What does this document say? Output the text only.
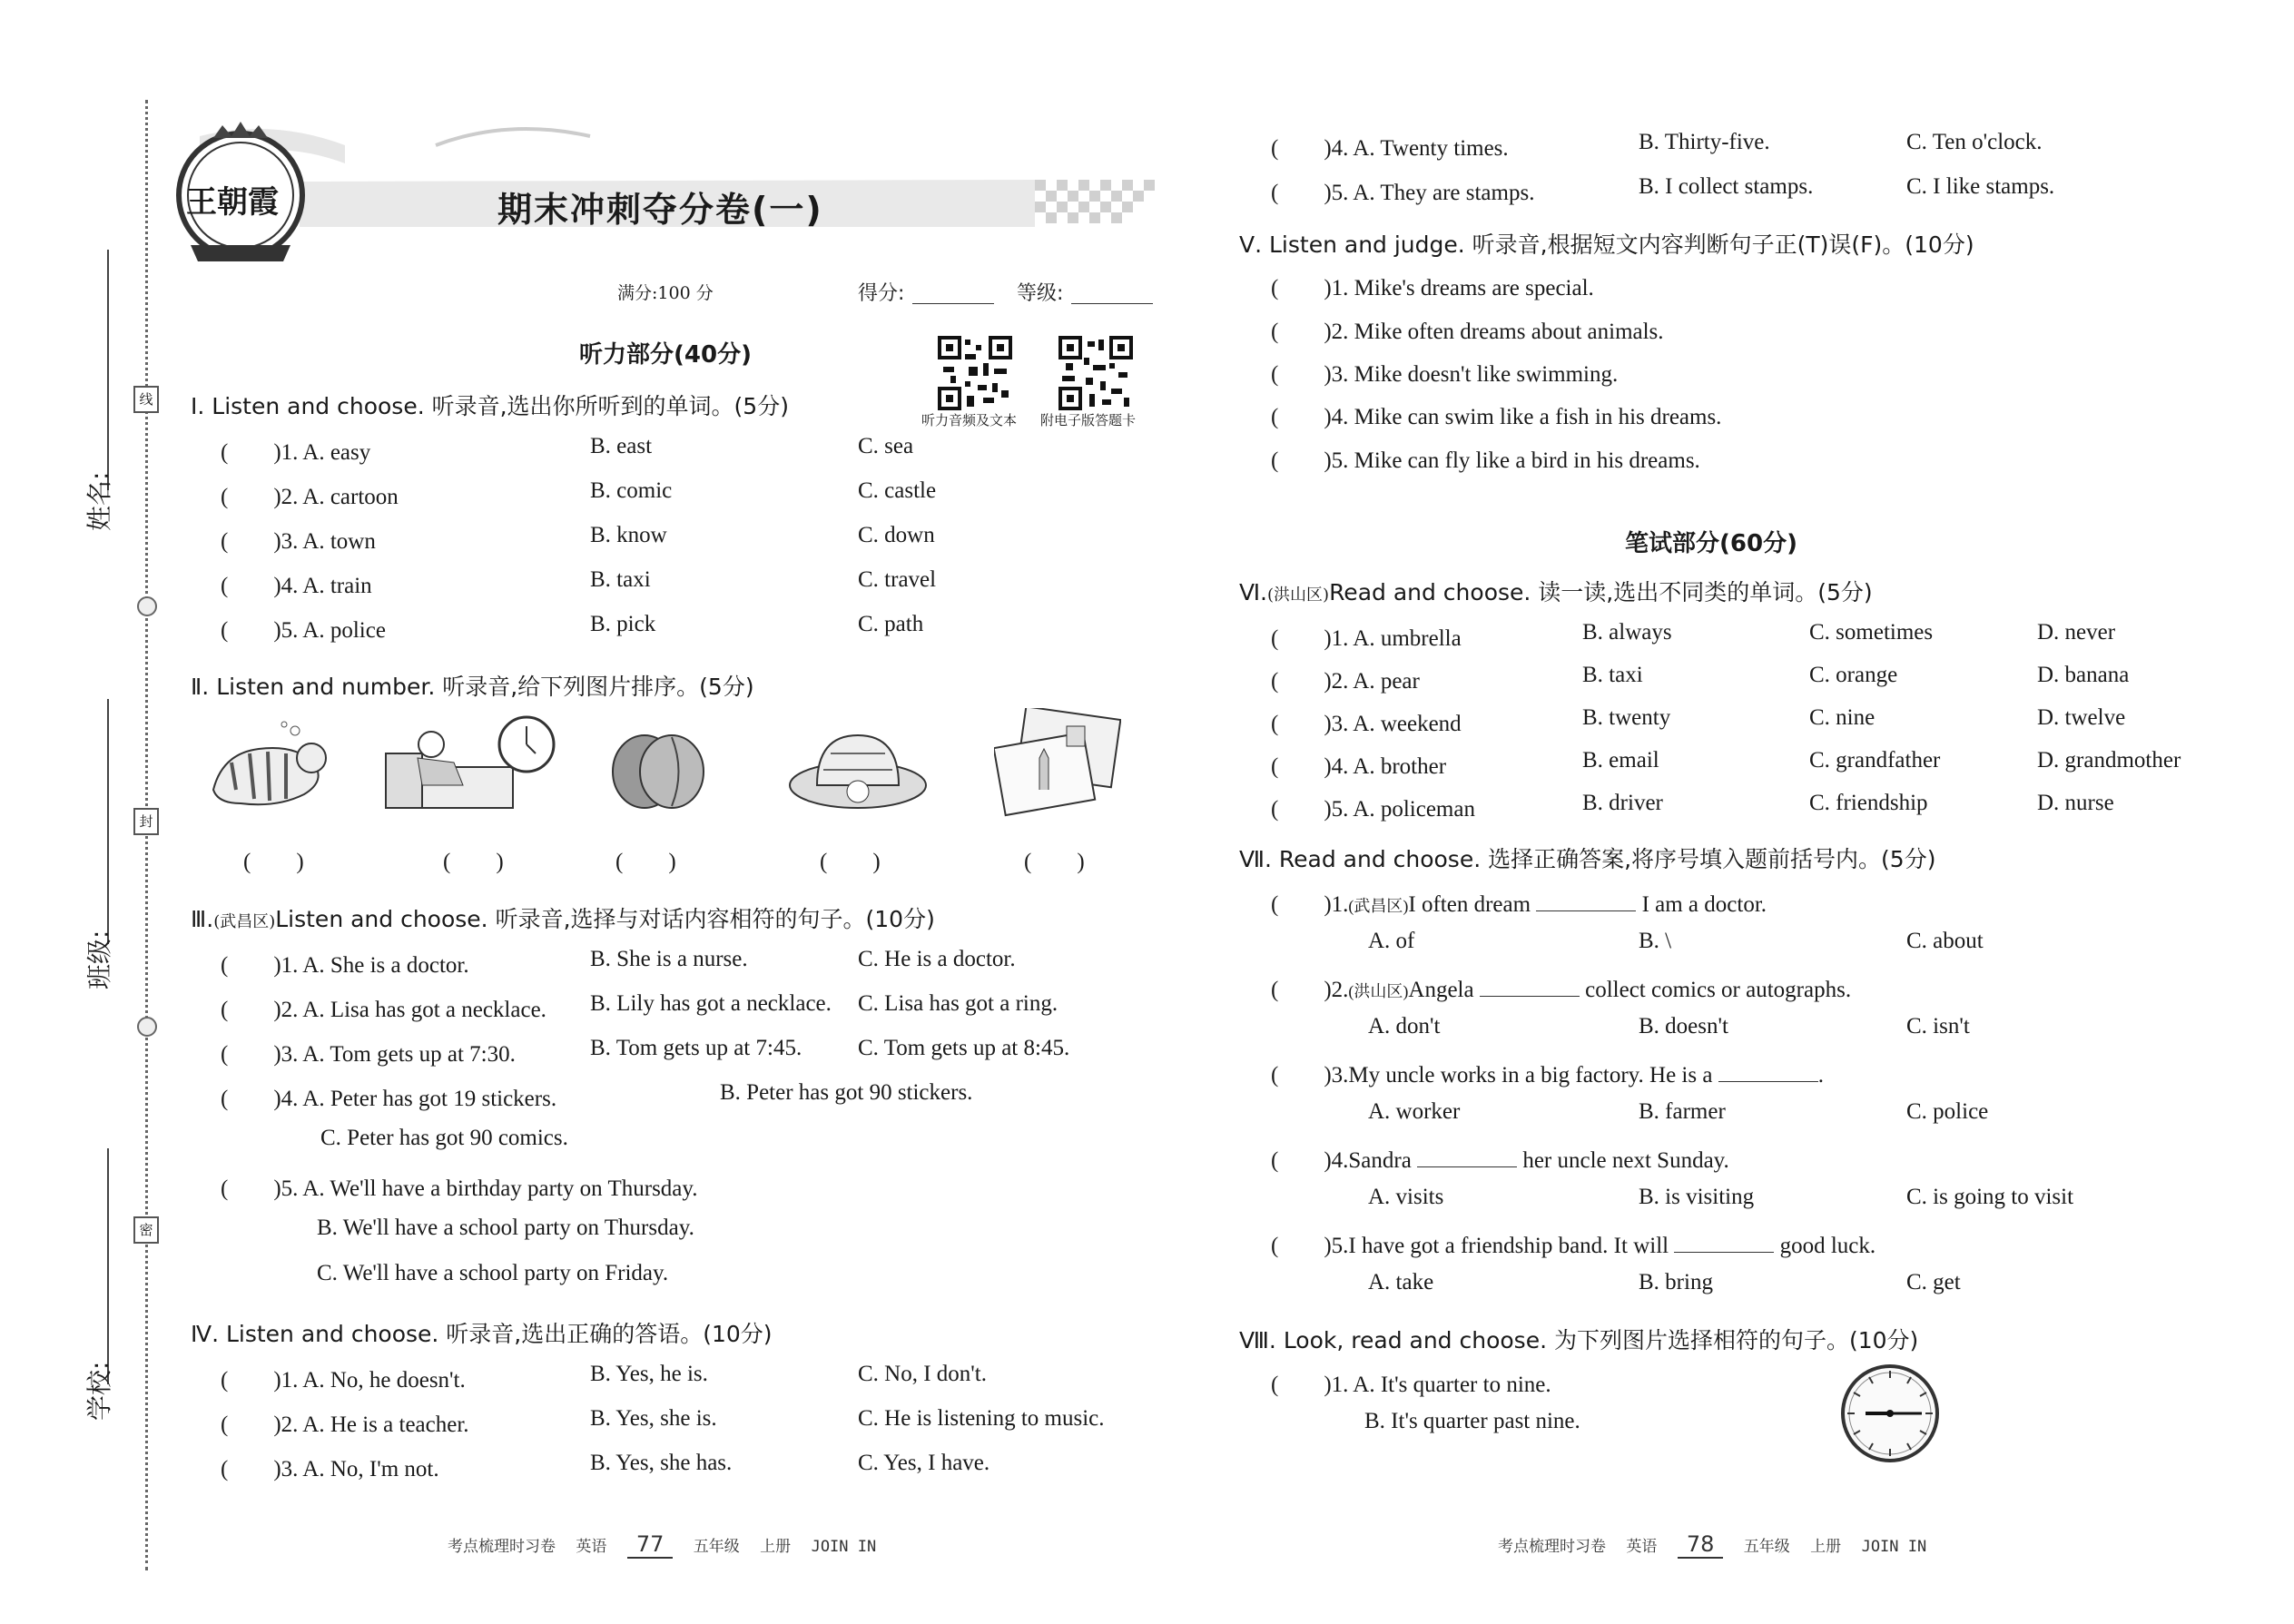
姓名:
班级:
学校:
线
封
密
王朝霞	期末冲刺夺分卷(一)
满分:100 分	得分:	等级:
听力音频及文本 附电子版答题卡
听力部分(40分)
Ⅰ. Listen and choose. 听录音,选出你所听到的单词。(5分)
(　　)1. A. easy	B. east	C. sea
(　　)2. A. cartoon	B. comic	C. castle
(　　)3. A. town	B. know	C. down
(　　)4. A. train	B. taxi	C. travel
(　　)5. A. police	B. pick	C. path
Ⅱ. Listen and number. 听录音,给下列图片排序。(5分)
(　　)	(　　)	(　　)	(　　)	(　　)
Ⅲ.(武昌区)Listen and choose. 听录音,选择与对话内容相符的句子。(10分)
(　　)1. A. She is a doctor.	B. She is a nurse.	C. He is a doctor.
(　　)2. A. Lisa has got a necklace. B. Lily has got a necklace. C. Lisa has got a ring.
(　　)3. A. Tom gets up at 7:30.	B. Tom gets up at 7:45. C. Tom gets up at 8:45.
(　　)4. A. Peter has got 19 stickers.	B. Peter has got 90 stickers.
C. Peter has got 90 comics.
(　　)5. A. We'll have a birthday party on Thursday.
B. We'll have a school party on Thursday.
C. We'll have a school party on Friday.
Ⅳ. Listen and choose. 听录音,选出正确的答语。(10分)
(　　)1. A. No, he doesn't.	B. Yes, he is.	C. No, I don't.
(　　)2. A. He is a teacher.	B. Yes, she is.	C. He is listening to music.
(　　)3. A. No, I'm not.	B. Yes, she has.	C. Yes, I have.
考点梳理时习卷　 英语　 77　 五年级　 上册　 JOIN IN
(　　)4. A. Twenty times.	B. Thirty-five.	C. Ten o'clock.
(　　)5. A. They are stamps.	B. I collect stamps.	C. I like stamps.
Ⅴ. Listen and judge. 听录音,根据短文内容判断句子正(T)误(F)。(10分)
(　　)1. Mike's dreams are special.
(　　)2. Mike often dreams about animals.
(　　)3. Mike doesn't like swimming.
(　　)4. Mike can swim like a fish in his dreams.
(　　)5. Mike can fly like a bird in his dreams.
笔试部分(60分)
Ⅵ.(洪山区)Read and choose. 读一读,选出不同类的单词。(5分)
(　　)1. A. umbrella	B. always	C. sometimes	D. never
(　　)2. A. pear	B. taxi	C. orange	D. banana
(　　)3. A. weekend	B. twenty	C. nine	D. twelve
(　　)4. A. brother	B. email	C. grandfather	D. grandmother
(　　)5. A. policeman	B. driver	C. friendship	D. nurse
Ⅶ. Read and choose. 选择正确答案,将序号填入题前括号内。(5分)
(　　)1.(武昌区)I often dream	I am a doctor.
A. of	B. \	C. about
(　　)2.(洪山区)Angela	collect comics or autographs.
A. don't	B. doesn't	C. isn't
(　　)3.My uncle works in a big factory. He is a	.
A. worker	B. farmer	C. police
(　　)4.Sandra	her uncle next Sunday.
A. visits	B. is visiting	C. is going to visit
(　　)5.I have got a friendship band. It will	good luck.
A. take	B. bring	C. get
Ⅷ. Look, read and choose. 为下列图片选择相符的句子。(10分)
(　　)1. A. It's quarter to nine.
B. It's quarter past nine.
考点梳理时习卷　 英语　 78　 五年级　 上册　 JOIN IN
